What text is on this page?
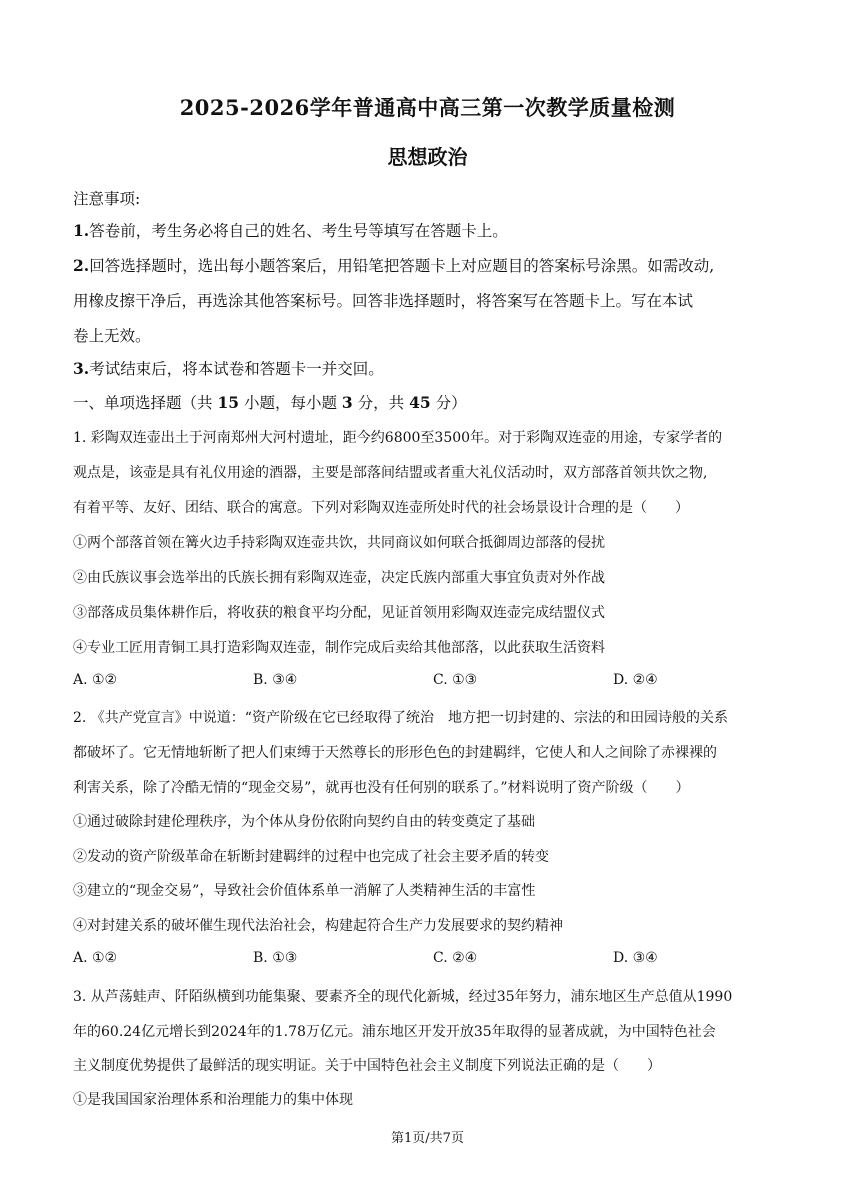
2025-2026学年普通高中高三第一次教学质量检测
思想政治
注意事项:
1.答卷前，考生务必将自己的姓名、考生号等填写在答题卡上。
2.回答选择题时，选出每小题答案后，用铅笔把答题卡上对应题目的答案标号涂黑。如需改动,
用橡皮擦干净后，再选涂其他答案标号。回答非选择题时，将答案写在答题卡上。写在本试
卷上无效。
3.考试结束后，将本试卷和答题卡一并交回。
一、单项选择题（共 15 小题，每小题 3 分，共 45 分）
1. 彩陶双连壶出土于河南郑州大河村遗址，距今约6800至3500年。对于彩陶双连壶的用途，专家学者的
观点是，该壶是具有礼仪用途的酒器，主要是部落间结盟或者重大礼仪活动时，双方部落首领共饮之物,
有着平等、友好、团结、联合的寓意。下列对彩陶双连壶所处时代的社会场景设计合理的是（　　）
①两个部落首领在篝火边手持彩陶双连壶共饮，共同商议如何联合抵御周边部落的侵扰
②由氏族议事会选举出的氏族长拥有彩陶双连壶，决定氏族内部重大事宜负责对外作战
③部落成员集体耕作后，将收获的粮食平均分配，见证首领用彩陶双连壶完成结盟仪式
④专业工匠用青铜工具打造彩陶双连壶，制作完成后卖给其他部落，以此获取生活资料
A. ①②	B. ③④	C. ①③	D. ②④
2. 《共产党宣言》中说道：“资产阶级在它已经取得了统治　地方把一切封建的、宗法的和田园诗般的关系
都破坏了。它无情地斩断了把人们束缚于天然尊长的形形色色的封建羁绊，它使人和人之间除了赤裸裸的
利害关系，除了冷酷无情的“现金交易”，就再也没有任何别的联系了。”材料说明了资产阶级（　　）
①通过破除封建伦理秩序，为个体从身份依附向契约自由的转变奠定了基础
②发动的资产阶级革命在斩断封建羁绊的过程中也完成了社会主要矛盾的转变
③建立的“现金交易”，导致社会价值体系单一消解了人类精神生活的丰富性
④对封建关系的破坏催生现代法治社会，构建起符合生产力发展要求的契约精神
A. ①②	B. ①③	C. ②④	D. ③④
3. 从芦荡蛙声、阡陌纵横到功能集聚、要素齐全的现代化新城，经过35年努力，浦东地区生产总值从1990
年的60.24亿元增长到2024年的1.78万亿元。浦东地区开发开放35年取得的显著成就，为中国特色社会
主义制度优势提供了最鲜活的现实明证。关于中国特色社会主义制度下列说法正确的是（　　）
①是我国国家治理体系和治理能力的集中体现
第1页/共7页
